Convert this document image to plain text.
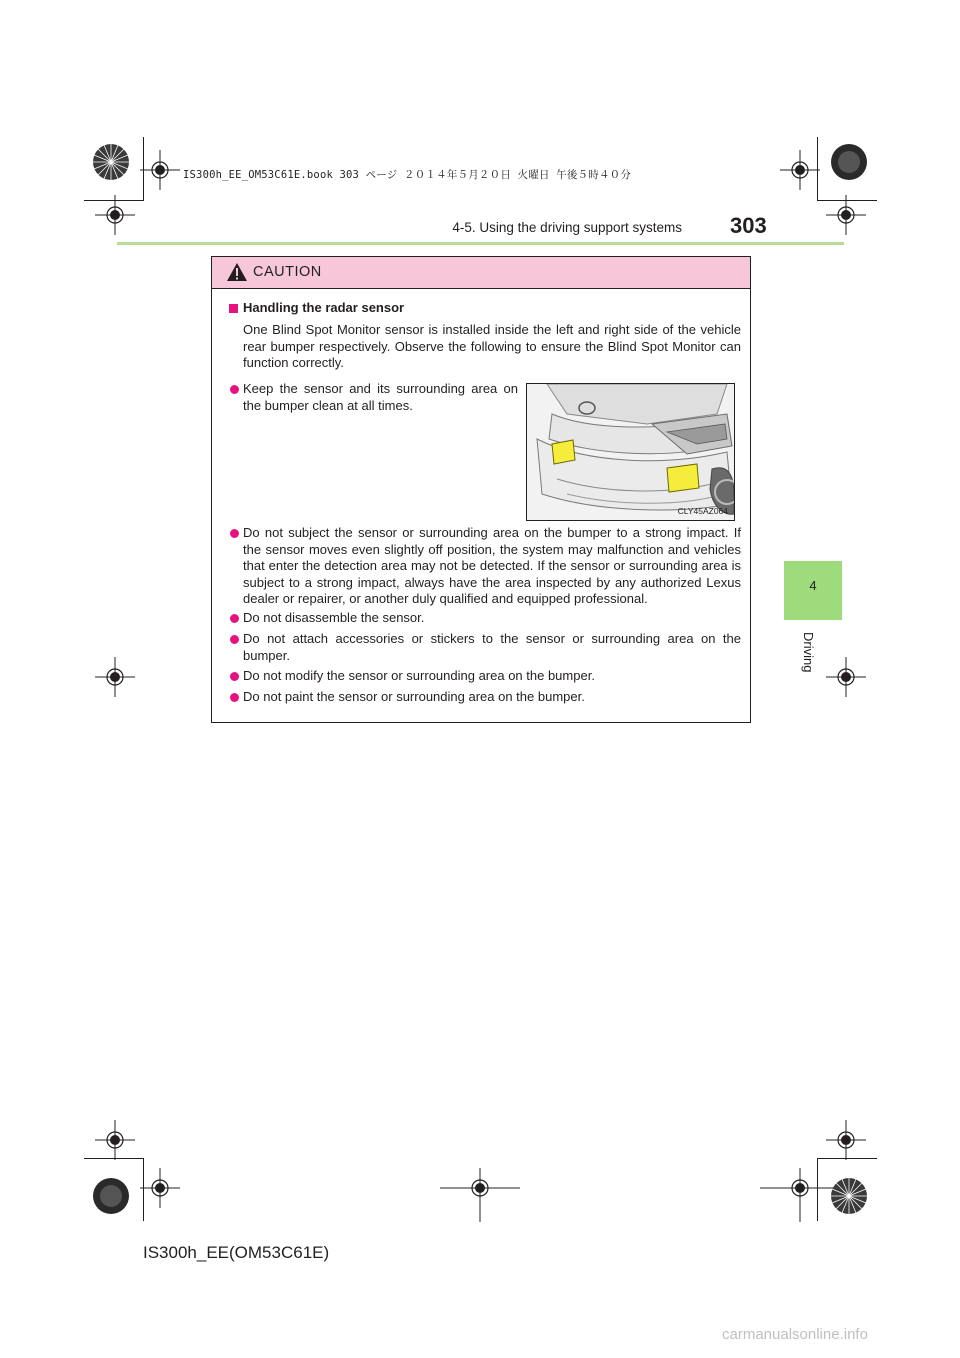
IS300h_EE_OM53C61E.book 303 ページ ２０１４年５月２０日 火曜日 午後５時４０分
4-5. Using the driving support systems 303
4
Driving
CAUTION
Handling the radar sensor
One Blind Spot Monitor sensor is installed inside the left and right side of the vehicle
rear bumper respectively. Observe the following to ensure the Blind Spot Monitor can
function correctly.
Keep the sensor and its surrounding area on
the bumper clean at all times.
CLY45AZ064
Do not subject the sensor or surrounding area on the bumper to a strong impact. If
the sensor moves even slightly off position, the system may malfunction and vehicles
that enter the detection area may not be detected. If the sensor or surrounding area is
subject to a strong impact, always have the area inspected by any authorized Lexus
dealer or repairer, or another duly qualified and equipped professional.
Do not disassemble the sensor.
Do not attach accessories or stickers to the sensor or surrounding area on the
bumper.
Do not modify the sensor or surrounding area on the bumper.
Do not paint the sensor or surrounding area on the bumper.
IS300h_EE(OM53C61E)
carmanualsonline.info
